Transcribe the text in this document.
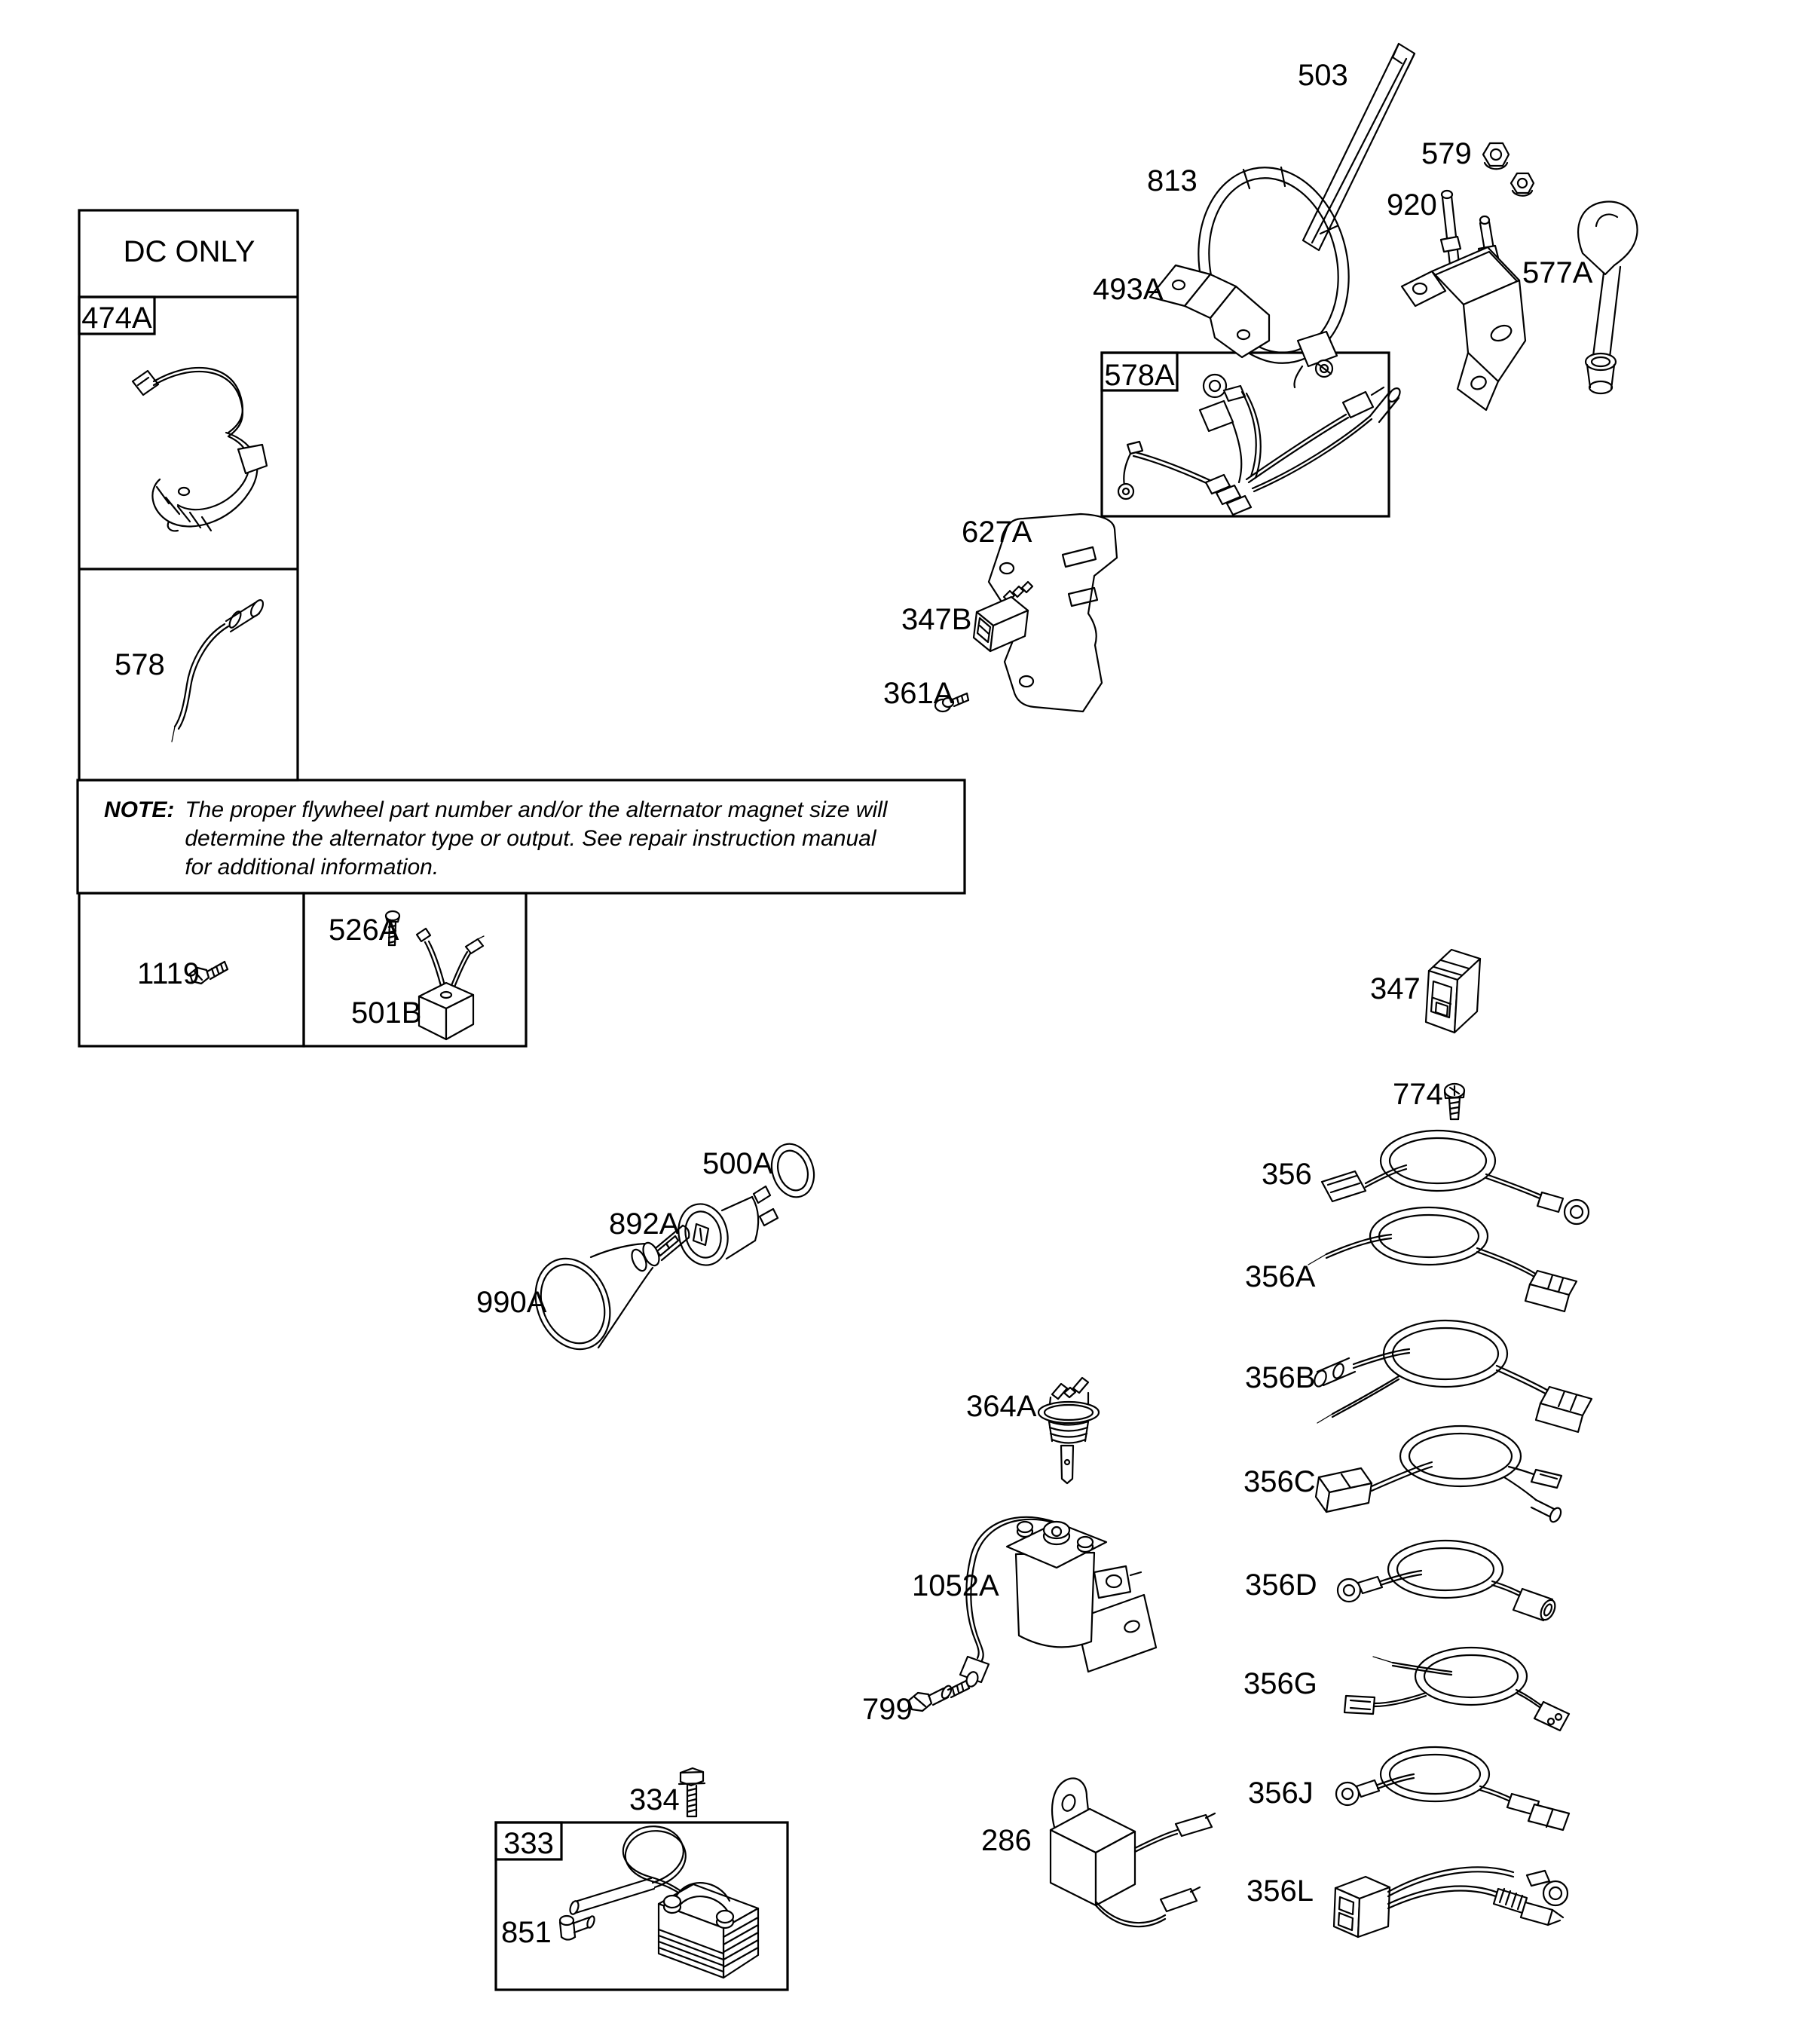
DC ONLY
474A
578
NOTE: The proper flywheel part number and/or the alternator magnet size will
determine the alternator type or output. See repair instruction manual
for additional information.
1119
526A
501B
503
813
493A
579
920
577A
578A
627A
347B
361A
500A
892A
990A
364A
1052A
799
286
334
333
851
347
774
356
356A
356B
356C
356D
356G
356J
356L
